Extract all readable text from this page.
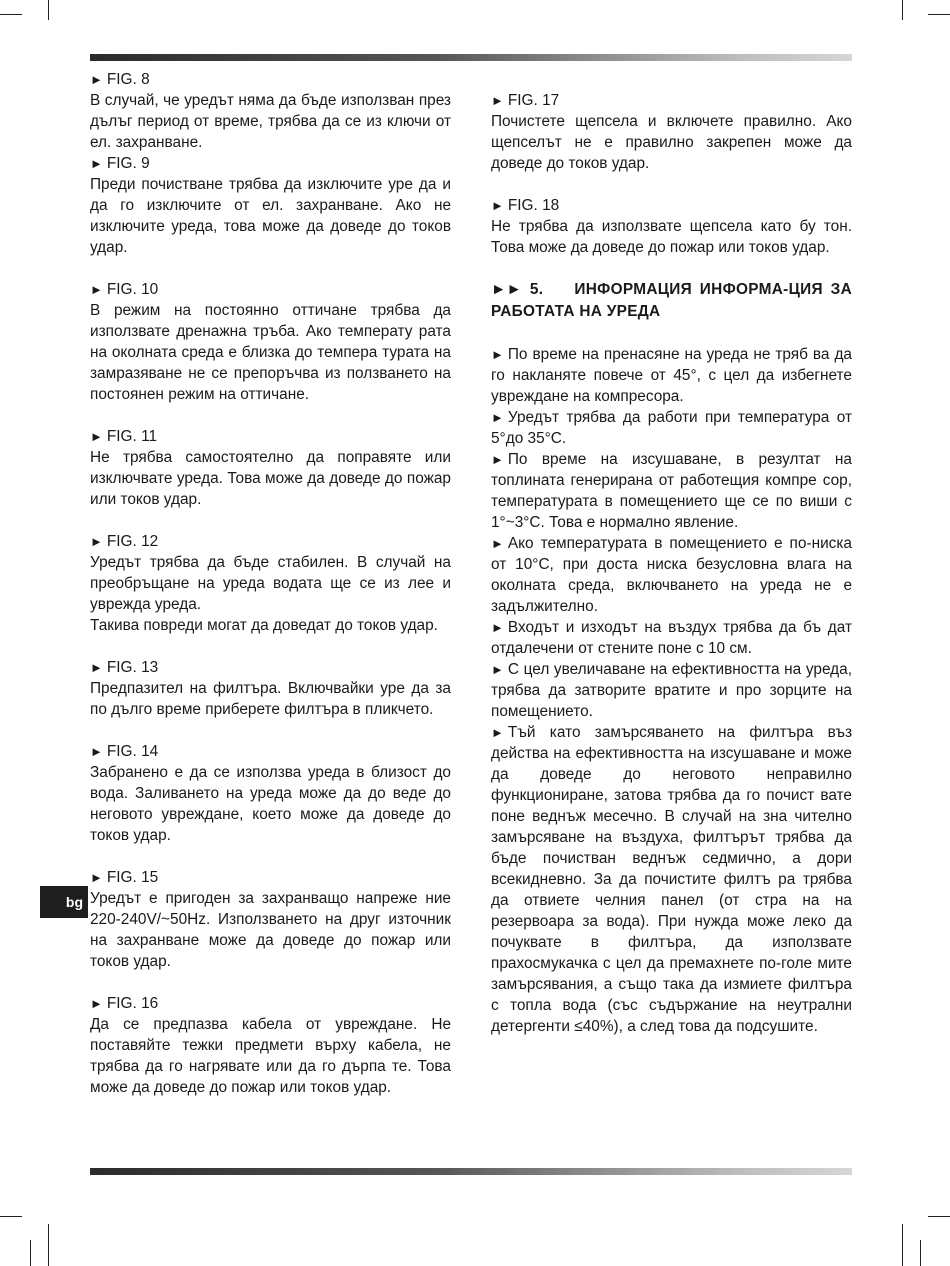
bg

► FIG. 8

В случай, че уредът няма да бъде използван през дълъг период от време, трябва да се из ключи от ел. захранване.

► FIG. 9

Преди почистване трябва да изключите уре да и да го изключите от ел. захранване. Ако не изключите уреда, това може да доведе до токов удар.

► FIG. 10

В режим на постоянно оттичане трябва да използвате дренажна тръба. Ако температу рата на околната среда е близка до темпера турата на замразяване не се препоръчва из ползването на постоянен режим на оттичане.

► FIG. 11

Не трябва самостоятелно да поправяте или изключвате уреда. Това може да доведе до пожар или токов удар.

► FIG. 12

Уредът трябва да бъде стабилен. В случай на преобръщане на уреда водата ще се из лее и уврежда уреда.

Такива повреди могат да доведат до токов удар.

► FIG. 13

Предпазител на филтъра. Включвайки уре да за по дълго време приберете филтъра в пликчето.

► FIG. 14

Забранено е да се използва уреда в близост до вода. Заливането на уреда може да до веде до неговото увреждане, което може да доведе до токов удар.

► FIG. 15

Уредът е пригоден за захранващо напреже ние 220-240V/~50Hz. Използването на друг източник на захранване може да доведе до пожар или токов удар.

► FIG. 16

Да се предпазва кабела от увреждане. Не поставяйте тежки предмети върху кабела, не трябва да го нагрявате или да го дърпа те. Това може да доведе до пожар или токов удар.

► FIG. 17

Почистете щепсела и включете правилно. Ако щепселът не е правилно закрепен може да доведе до токов удар.

► FIG. 18

Не трябва да използвате щепсела като бу тон. Това може да доведе до пожар или токов удар.

►► 5. ИНФОРМАЦИЯ ИНФОРМА-ЦИЯ ЗА РАБОТАТА НА УРЕДА

► По време на пренасяне на уреда не тряб ва да го накланяте повече от 45°, с цел да избегнете увреждане на компресора.

► Уредът трябва да работи при температура от 5°до 35°C.

► По време на изсушаване, в резултат на топлината генерирана от работещия компре сор, температурата в помещението ще се по виши с 1°~3°C. Това е нормално явление.

► Ако температурата в помещението е по-ниска от 10°C, при доста ниска безусловна влага на околната среда, включването на уреда не е задължително.

► Входът и изходът на въздух трябва да бъ дат отдалечени от стените поне с 10 см.

► С цел увеличаване на ефективността на уреда, трябва да затворите вратите и про зорците на помещението.

► Тъй като замърсяването на филтъра въз действа на ефективността на изсушаване и може да доведе до неговото неправилно функциониране, затова трябва да го почист вате поне веднъж месечно. В случай на зна чително замърсяване на въздуха, филтърът трябва да бъде почистван веднъж седмично, а дори всекидневно. За да почистите филтъ ра трябва да отвиете челния панел (от стра на на резервоара за вода). При нужда може леко да почуквате в филтъра, да използвате прахосмукачка с цел да премахнете по-голе мите замърсявания, а също така да измиете филтъра с топла вода (със съдържание на неутрални детергенти ≤40%), а след това да подсушите.
